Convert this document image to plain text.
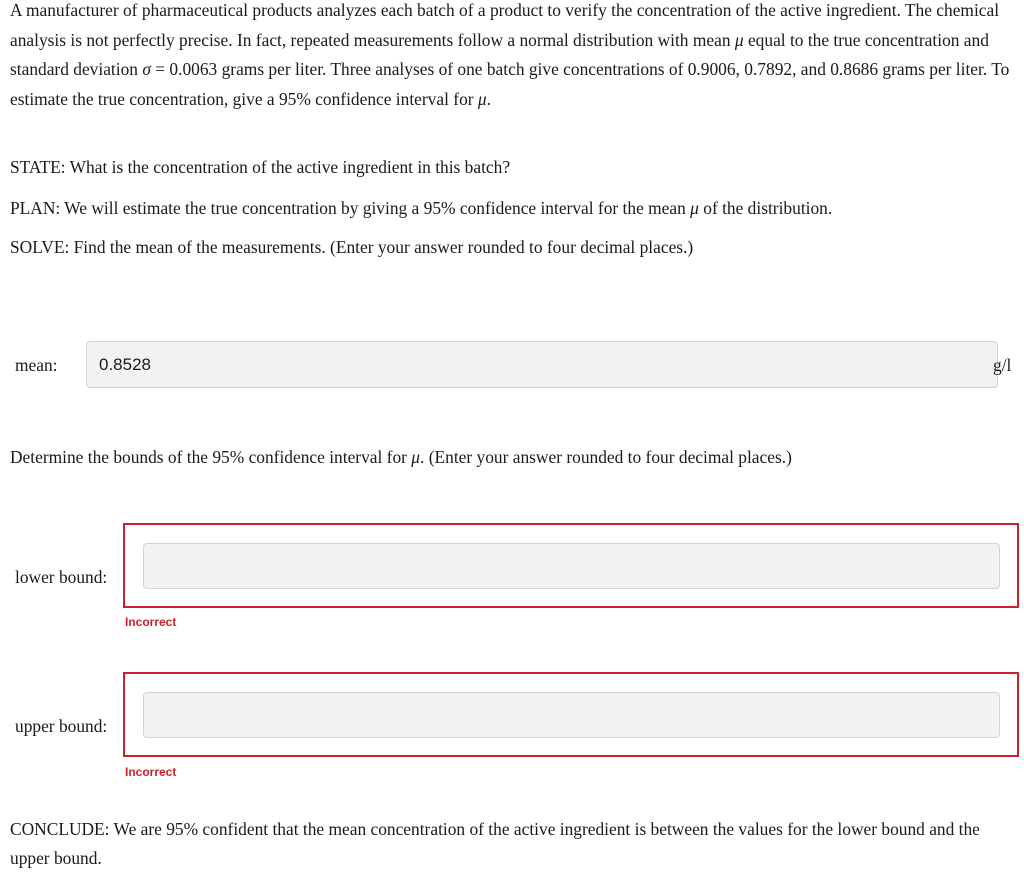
A manufacturer of pharmaceutical products analyzes each batch of a product to verify the concentration of the active ingredient. The chemical analysis is not perfectly precise. In fact, repeated measurements follow a normal distribution with mean μ equal to the true concentration and standard deviation σ = 0.0063 grams per liter. Three analyses of one batch give concentrations of 0.9006, 0.7892, and 0.8686 grams per liter. To estimate the true concentration, give a 95% confidence interval for μ.

STATE: What is the concentration of the active ingredient in this batch?

PLAN: We will estimate the true concentration by giving a 95% confidence interval for the mean μ of the distribution.

SOLVE: Find the mean of the measurements. (Enter your answer rounded to four decimal places.)

mean:	0.8528	g/l

Determine the bounds of the 95% confidence interval for μ. (Enter your answer rounded to four decimal places.)

lower bound:
Incorrect
upper bound:
Incorrect

CONCLUDE: We are 95% confident that the mean concentration of the active ingredient is between the values for the lower bound and the upper bound.
